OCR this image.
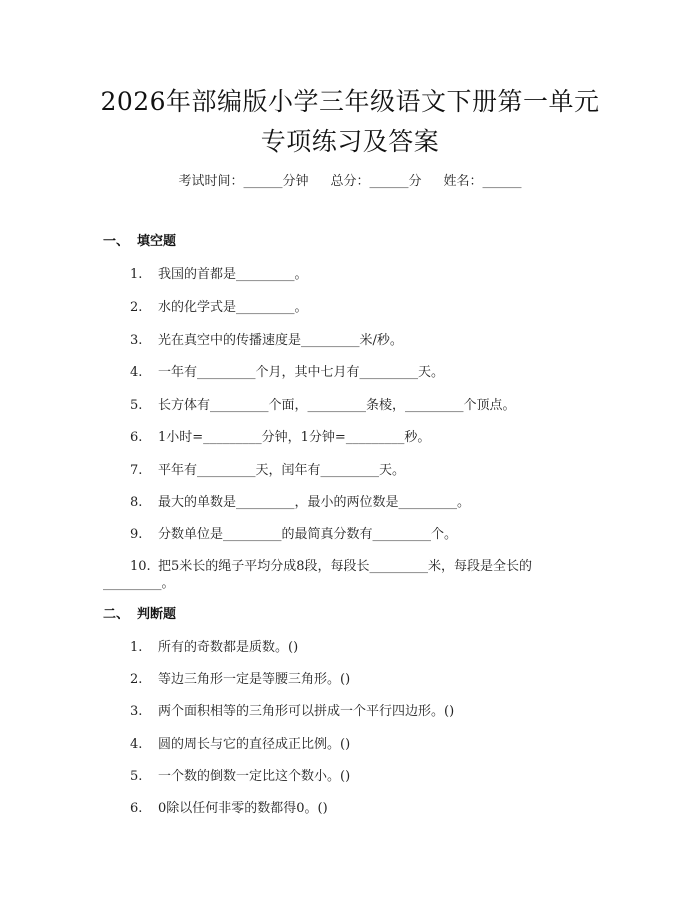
2026年部编版小学三年级语文下册第一单元
专项练习及答案
考试时间：______分钟 总分：______分 姓名：______
一、 填空题
1. 我国的首都是_________。
2. 水的化学式是_________。
3. 光在真空中的传播速度是_________米/秒。
4. 一年有_________个月，其中七月有_________天。
5. 长方体有_________个面，_________条棱，_________个顶点。
6. 1小时=_________分钟，1分钟=_________秒。
7. 平年有_________天，闰年有_________天。
8. 最大的单数是_________，最小的两位数是_________。
9. 分数单位是_________的最简真分数有_________个。
10. 把5米长的绳子平均分成8段，每段长_________米，每段是全长的
_________。
二、 判断题
1. 所有的奇数都是质数。()
2. 等边三角形一定是等腰三角形。()
3. 两个面积相等的三角形可以拼成一个平行四边形。()
4. 圆的周长与它的直径成正比例。()
5. 一个数的倒数一定比这个数小。()
6. 0除以任何非零的数都得0。()
